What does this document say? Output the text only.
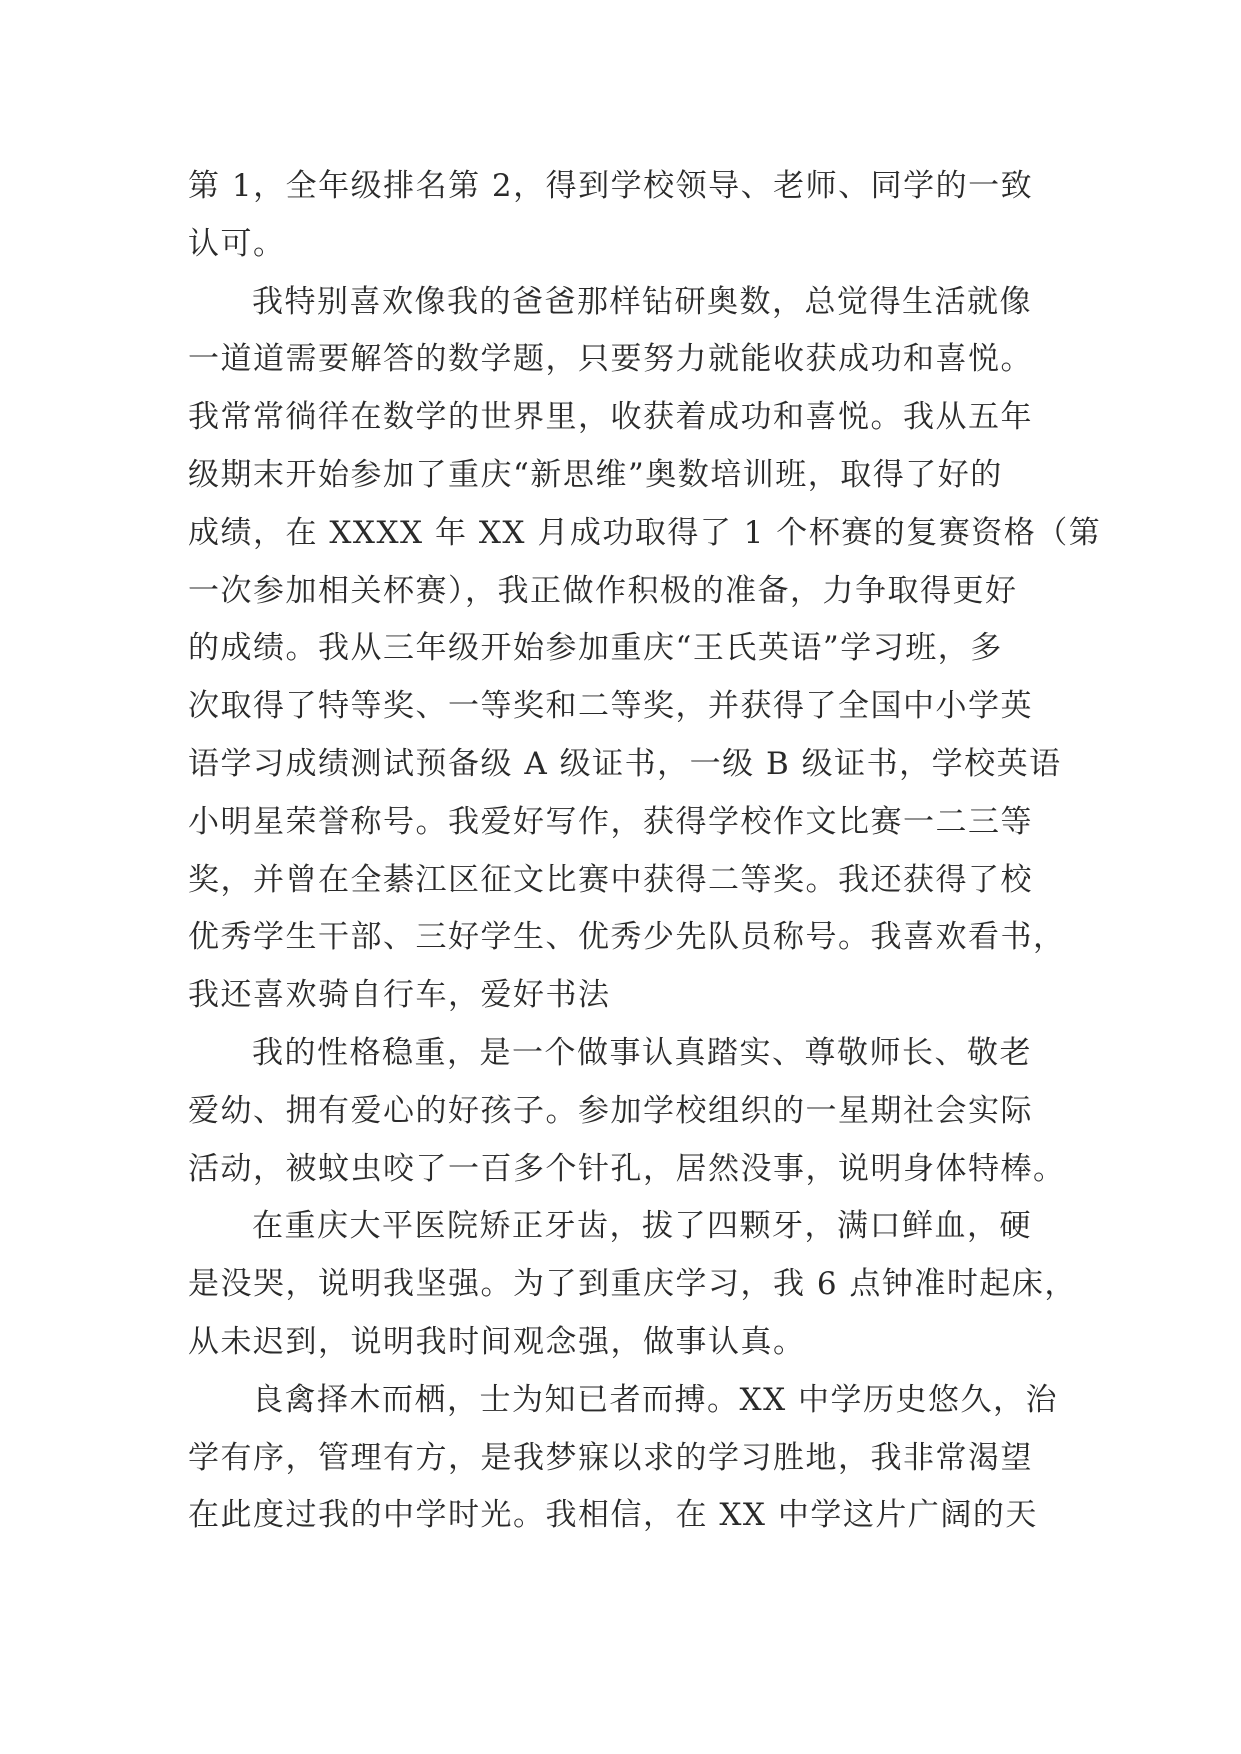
第 1，全年级排名第 2，得到学校领导、老师、同学的一致
认可。
我特别喜欢像我的爸爸那样钻研奥数，总觉得生活就像
一道道需要解答的数学题，只要努力就能收获成功和喜悦。
我常常徜徉在数学的世界里，收获着成功和喜悦。我从五年
级期末开始参加了重庆“新思维”奥数培训班，取得了好的
成绩，在 XXXX 年 XX 月成功取得了 1 个杯赛的复赛资格（第
一次参加相关杯赛），我正做作积极的准备，力争取得更好
的成绩。我从三年级开始参加重庆“王氏英语”学习班，多
次取得了特等奖、一等奖和二等奖，并获得了全国中小学英
语学习成绩测试预备级 A 级证书，一级 B 级证书，学校英语
小明星荣誉称号。我爱好写作，获得学校作文比赛一二三等
奖，并曾在全綦江区征文比赛中获得二等奖。我还获得了校
优秀学生干部、三好学生、优秀少先队员称号。我喜欢看书，
我还喜欢骑自行车，爱好书法
我的性格稳重，是一个做事认真踏实、尊敬师长、敬老
爱幼、拥有爱心的好孩子。参加学校组织的一星期社会实际
活动，被蚊虫咬了一百多个针孔，居然没事，说明身体特棒。
在重庆大平医院矫正牙齿，拔了四颗牙，满口鲜血，硬
是没哭，说明我坚强。为了到重庆学习，我 6 点钟准时起床，
从未迟到，说明我时间观念强，做事认真。
良禽择木而栖，士为知已者而搏。XX 中学历史悠久，治
学有序，管理有方，是我梦寐以求的学习胜地，我非常渴望
在此度过我的中学时光。我相信，在 XX 中学这片广阔的天
